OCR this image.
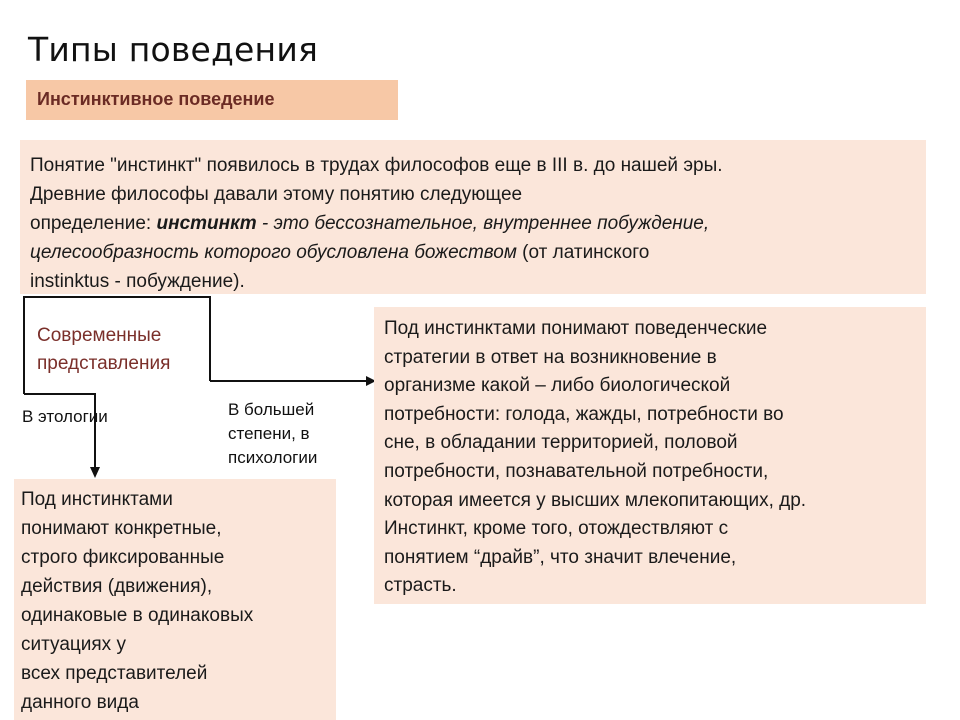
Типы поведения
Инстинктивное поведение
Понятие "инстинкт" появилось в трудах философов еще в III в. до нашей эры.
Древние философы давали этому понятию следующее
определение: инстинкт - это бессознательное, внутреннее побуждение,
целесообразность которого обусловлена божеством (от латинского
instinktus - побуждение).
Современные
представления
В этологии	В большей
степени, в
психологии
Под инстинктами понимают поведенческие
стратегии в ответ на возникновение в
организме какой – либо биологической
потребности: голода, жажды, потребности во
сне, в обладании территорией, половой
потребности, познавательной потребности,
которая имеется у высших млекопитающих, др.
Инстинкт, кроме того, отождествляют с
понятием “драйв”, что значит влечение,
страсть.
Под инстинктами
понимают конкретные,
строго фиксированные
действия (движения),
одинаковые в одинаковых
ситуациях у
всех представителей
данного вида
